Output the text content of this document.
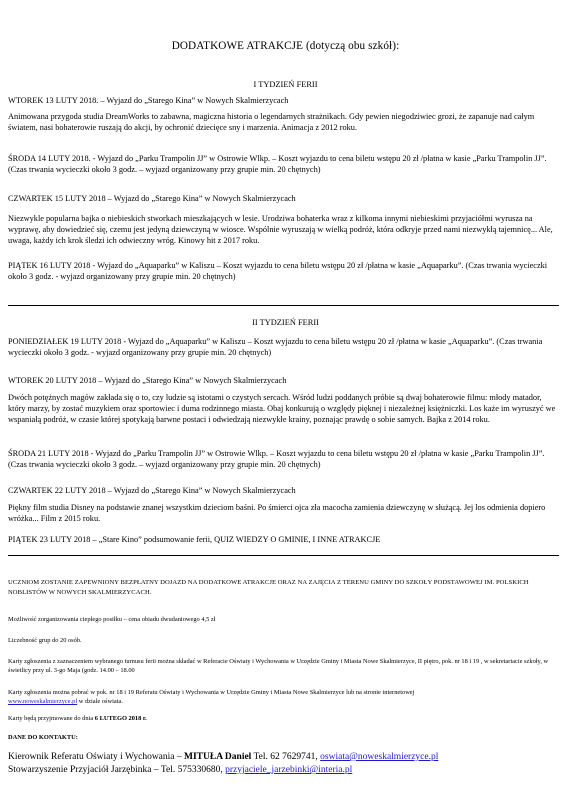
DODATKOWE ATRAKCJE (dotyczą obu szkół):

I TYDZIEŃ FERII

WTOREK 13 LUTY 2018. – Wyjazd do „Starego Kina” w Nowych Skalmierzycach

Animowana przygoda studia DreamWorks to zabawna, magiczna historia o legendarnych strażnikach. Gdy pewien niegodziwiec grozi, że zapanuje nad całym światem, nasi bohaterowie ruszają do akcji, by ochronić dziecięce sny i marzenia. Animacja z 2012 roku.

ŚRODA 14 LUTY 2018. - Wyjazd do „Parku Trampolin JJ” w Ostrowie Wlkp. – Koszt wyjazdu to cena biletu wstępu 20 zł /płatna w kasie „Parku Trampolin JJ”. (Czas trwania wycieczki około 3 godz. – wyjazd organizowany przy grupie min. 20 chętnych)

CZWARTEK 15 LUTY 2018 – Wyjazd do „Starego Kina” w Nowych Skalmierzycach

Niezwykle popularna bajka o niebieskich stworkach mieszkających w lesie. Urodziwa bohaterka wraz z kilkoma innymi niebieskimi przyjaciółmi wyrusza na wyprawę, aby dowiedzieć się, czemu jest jedyną dziewczyną w wiosce. Wspólnie wyruszają w wielką podróż, która odkryje przed nami niezwykłą tajemnicę... Ale, uwaga, każdy ich krok śledzi ich odwieczny wróg. Kinowy hit z 2017 roku.

PIĄTEK 16 LUTY 2018 - Wyjazd do „Aquaparku” w Kaliszu – Koszt wyjazdu to cena biletu wstępu 20 zł /płatna w kasie „Aquaparku”. (Czas trwania wycieczki około 3 godz. - wyjazd organizowany przy grupie min. 20 chętnych)

II TYDZIEŃ FERII

PONIEDZIAŁEK 19 LUTY 2018 - Wyjazd do „Aquaparku” w Kaliszu – Koszt wyjazdu to cena biletu wstępu 20 zł /płatna w kasie „Aquaparku”. (Czas trwania wycieczki około 3 godz. - wyjazd organizowany przy grupie min. 20 chętnych)

WTOREK 20 LUTY 2018 – Wyjazd do „Starego Kina” w Nowych Skalmierzycach

Dwóch potężnych magów zakłada się o to, czy ludzie są istotami o czystych sercach. Wśród ludzi poddanych próbie są dwaj bohaterowie filmu: młody matador, który marzy, by zostać muzykiem oraz sportowiec i duma rodzinnego miasta. Obaj konkurują o względy pięknej i niezależnej księżniczki. Los każe im wyruszyć we wspaniałą podróż, w czasie której spotykają barwne postaci i odwiedzają niezwykłe krainy, poznając prawdę o sobie samych. Bajka z 2014 roku.

ŚRODA 21 LUTY 2018 - Wyjazd do „Parku Trampolin JJ” w Ostrowie Wlkp. – Koszt wyjazdu to cena biletu wstępu 20 zł /płatna w kasie „Parku Trampolin JJ”. (Czas trwania wycieczki około 3 godz. – wyjazd organizowany przy grupie min. 20 chętnych)

CZWARTEK 22 LUTY 2018 – Wyjazd do „Starego Kina” w Nowych Skalmierzycach

Piękny film studia Disney na podstawie znanej wszystkim dzieciom baśni. Po śmierci ojca zła macocha zamienia dziewczynę w służącą. Jej los odmienia dopiero wróżka... Film z 2015 roku.

PIĄTEK 23 LUTY 2018 – „Stare Kino” podsumowanie ferii, QUIZ WIEDZY O GMINIE, I INNE ATRAKCJE

UCZNIOM ZOSTANIE ZAPEWNIONY BEZPŁATNY DOJAZD NA DODATKOWE ATRAKCJE ORAZ NA ZAJĘCIA Z TERENU GMINY DO SZKOŁY PODSTAWOWEJ IM. POLSKICH NOBLISTÓW W NOWYCH SKALMIERZYCACH.

Możliwość zorganizowania ciepłego posiłku – cena obiadu dwudaniowego 4,5 zł

Liczebność grup do 20 osób.

Karty zgłoszenia z zaznaczeniem wybranego turnusu ferii można składać w Referacie Oświaty i Wychowania w Urzędzie Gminy i Miasta Nowe Skalmierzyce, II piętro, pok. nr 18 i 19 , w sekretariacie szkoły, w świetlicy przy ul. 3-go Maja (godz. 14.00 – 18.00

Karty zgłoszenia można pobrać w pok. nr 18 i 19 Referatu Oświaty i Wychowania w Urzędzie Gminy i Miasta Nowe Skalmierzyce lub na stronie internetowej
www.noweskalmierzyce.pl w dziale oświata.

Karty będą przyjmowane do dnia 6 LUTEGO 2018 r.

DANE DO KONTAKTU:

Kierownik Referatu Oświaty i Wychowania – MITUŁA Daniel Tel. 62 7629741, oswiata@noweskalmierzyce.pl

Stowarzyszenie Przyjaciół Jarzębinka – Tel. 575330680, przyjaciele_jarzebinki@interia.pl
